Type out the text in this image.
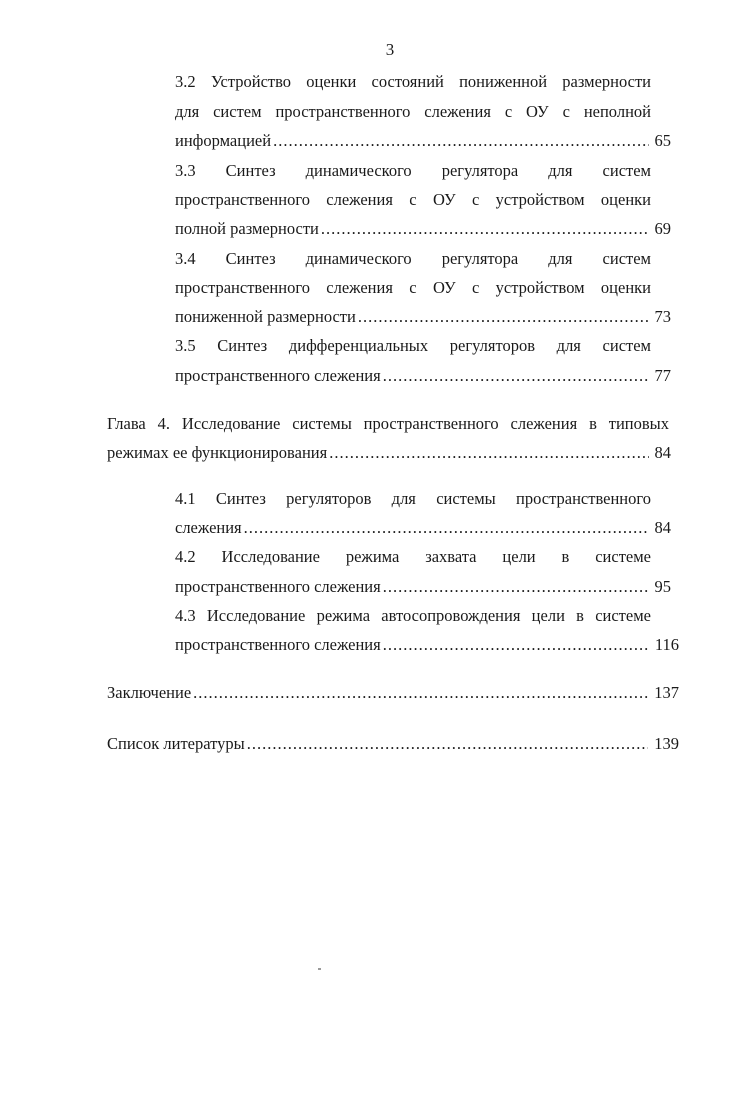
3
3.2 Устройство оценки состояний пониженной размерности
для систем пространственного слежения с ОУ с неполной
информацией .....	65
3.3 Синтез динамического регулятора для систем
пространственного слежения с ОУ с устройством оценки
полной размерности .....	69
3.4 Синтез динамического регулятора для систем
пространственного слежения с ОУ с устройством оценки
пониженной размерности .....	73
3.5 Синтез дифференциальных регуляторов для систем
пространственного слежения .....	77
Глава 4. Исследование системы пространственного слежения в типовых
режимах ее функционирования .....	84
4.1 Синтез регуляторов для системы пространственного
слежения .....	84
4.2 Исследование режима захвата цели в системе
пространственного слежения .....	95
4.3 Исследование режима автосопровождения цели в системе
пространственного слежения .....	116
Заключение .....	137
Список литературы .....	139
